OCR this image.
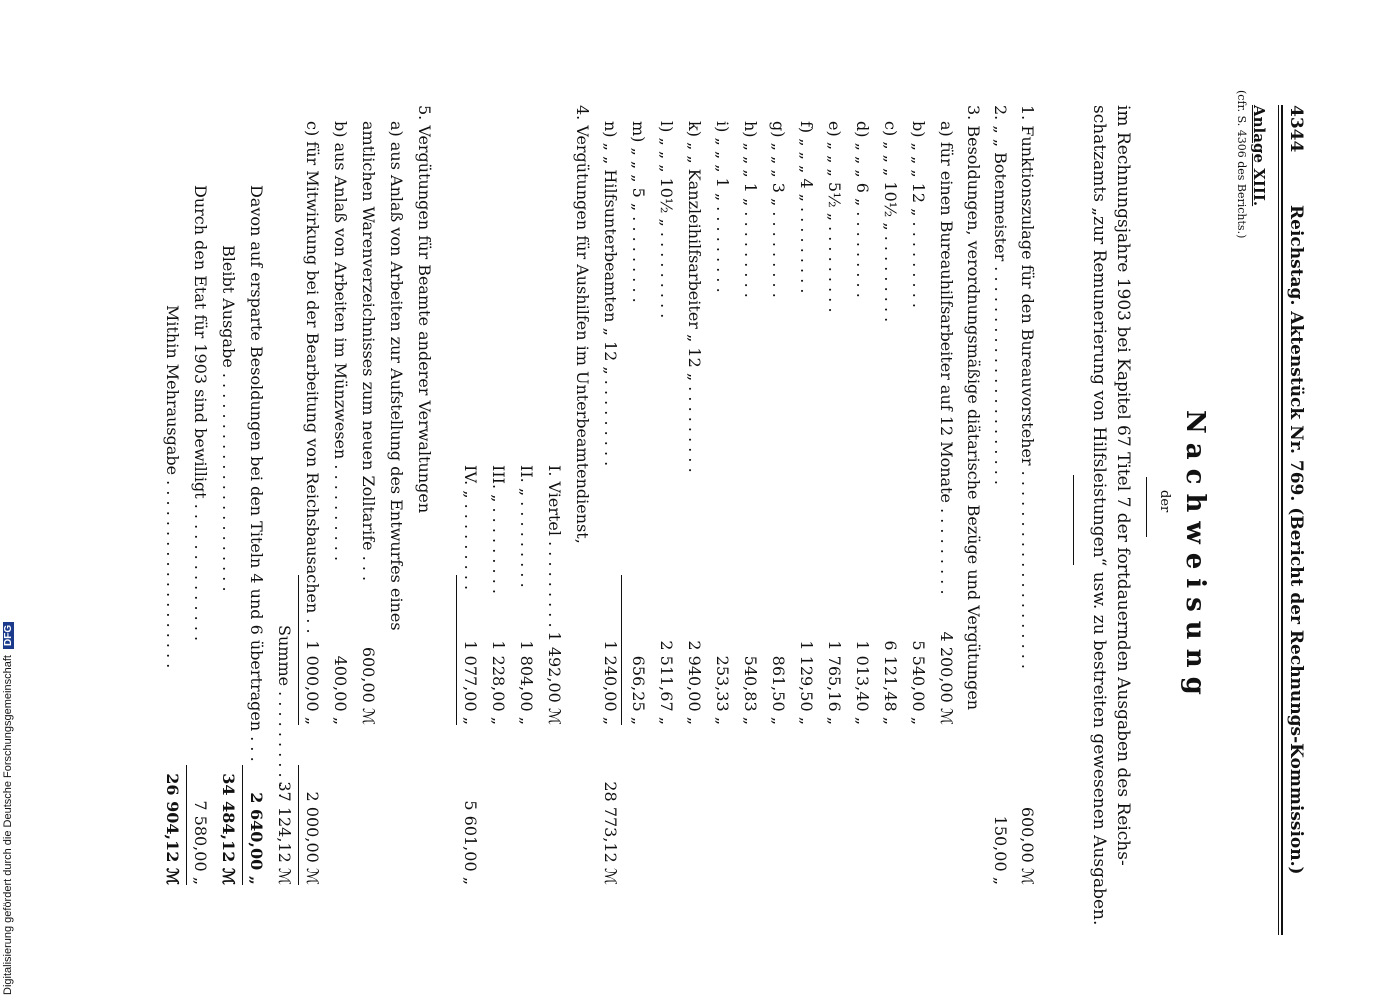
4344
Reichstag. Aktenstück Nr. 769. (Bericht der Rechnungs-Kommission.)
Anlage XIII.
(cfr. S. 4306 des Berichts.)
Nachweisung
der
im Rechnungsjahre 1903 bei Kapitel 67 Titel 7 der fortdauernden Ausgaben des Reichs-
schatzamts „zur Remunerierung von Hilfsleistungen“ usw. zu bestreiten gewesenen Ausgaben.
1. Funktionszulage für den Bureauvorsteher . . . . . . . . . . . . . . . . . . . .
600,00 ℳ
2. „ „ Botenmeister . . . . . . . . . . . . . . . . . . . . . .
150,00 „
3. Besoldungen, verordnungsmäßige diätarische Bezüge und Vergütungen
a) für einen Bureauhilfsarbeiter auf 12 Monate . . . . . . . . .
4 200,00 ℳ
b) „ „ „ 12 „ . . . . . . . . .
5 540,00 „
c) „ „ „ 10½ „ . . . . . . . . .
6 121,48 „
d) „ „ „ 6 „ . . . . . . . . .
1 013,40 „
e) „ „ „ 5½ „ . . . . . . . . .
1 765,16 „
f) „ „ „ 4 „ . . . . . . . . .
1 129,50 „
g) „ „ „ 3 „ . . . . . . . . .
861,50 „
h) „ „ „ 1 „ . . . . . . . . .
540,83 „
i) „ „ „ 1 „ . . . . . . . . .
253,33 „
k) „ „ Kanzleihilfsarbeiter „ 12 „ . . . . . . . . .
2 940,00 „
l) „ „ „ 10½ „ . . . . . . . . .
2 511,67 „
m) „ „ „ 5 „ . . . . . . . . .
656,25 „
n) „ „ Hilfsunterbeamten „ 12 „ . . . . . . . . .
1 240,00 „
28 773,12 ℳ
4. Vergütungen für Aushilfen im Unterbeamtendienst,
I. Viertel . . . . . . . . .
1 492,00 ℳ
II. „ . . . . . . . . .
1 804,00 „
III. „ . . . . . . . . .
1 228,00 „
IV. „ . . . . . . . . .
1 077,00 „
5 601,00 „
5. Vergütungen für Beamte anderer Verwaltungen
a) aus Anlaß von Arbeiten zur Aufstellung des Entwurfes eines
amtlichen Warenverzeichnisses zum neuen Zolltarife . . .
600,00 ℳ
b) aus Anlaß von Arbeiten im Münzwesen . . . . . . . . . .
400,00 „
c) für Mitwirkung bei der Bearbeitung von Reichsbausachen . .
1 000,00 „
2 000,00 ℳ
Summe . . . . . . . . . . .
37 124,12 ℳ
Davon auf ersparte Besoldungen bei den Titeln 4 und 6 übertragen . . .
2 640,00 „
Bleibt Ausgabe . . . . . . . . . . . . . . . . . . . . . .
34 484,12 ℳ
Durch den Etat für 1903 sind bewilligt . . . . . . . . . . . . . .
7 580,00 „
Mithin Mehrausgabe . . . . . . . . . . . . . . . . . . .
26 904,12 ℳ
Digitalisierung gefördert durch die Deutsche Forschungsgemeinschaft DFG
